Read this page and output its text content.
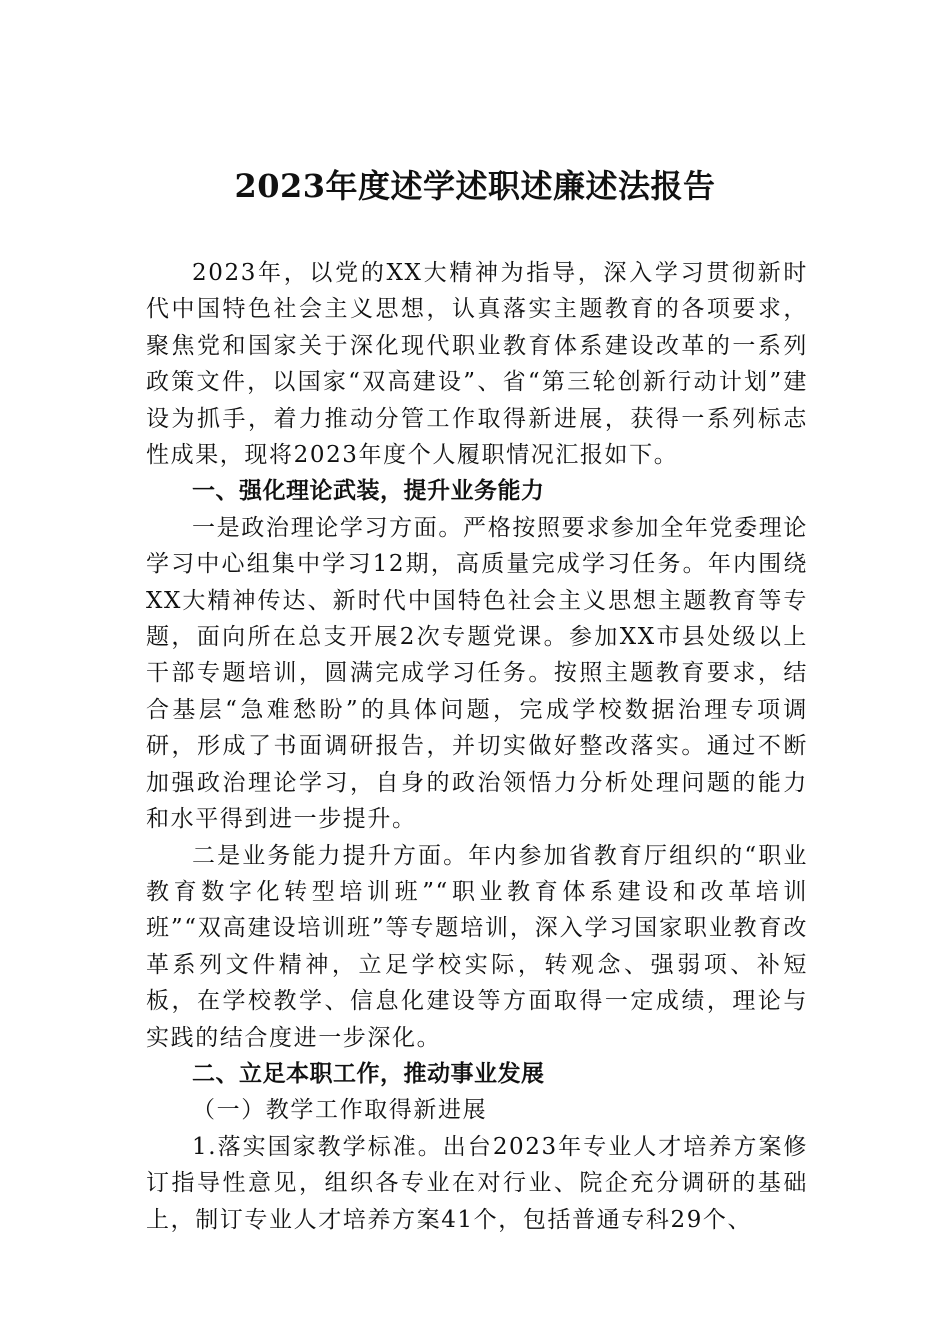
2023年度述学述职述廉述法报告

2023年，以党的XX大精神为指导，深入学习贯彻新时代中国特色社会主义思想，认真落实主题教育的各项要求，聚焦党和国家关于深化现代职业教育体系建设改革的一系列政策文件，以国家“双高建设”、省“第三轮创新行动计划”建设为抓手，着力推动分管工作取得新进展，获得一系列标志性成果，现将2023年度个人履职情况汇报如下。

一、强化理论武装，提升业务能力

一是政治理论学习方面。严格按照要求参加全年党委理论学习中心组集中学习12期，高质量完成学习任务。年内围绕XX大精神传达、新时代中国特色社会主义思想主题教育等专题，面向所在总支开展2次专题党课。参加XX市县处级以上干部专题培训，圆满完成学习任务。按照主题教育要求，结合基层“急难愁盼”的具体问题，完成学校数据治理专项调研，形成了书面调研报告，并切实做好整改落实。通过不断加强政治理论学习，自身的政治领悟力分析处理问题的能力和水平得到进一步提升。

二是业务能力提升方面。年内参加省教育厅组织的“职业教育数字化转型培训班”“职业教育体系建设和改革培训班”“双高建设培训班”等专题培训，深入学习国家职业教育改革系列文件精神，立足学校实际，转观念、强弱项、补短板，在学校教学、信息化建设等方面取得一定成绩，理论与实践的结合度进一步深化。

二、立足本职工作，推动事业发展

（一）教学工作取得新进展

1.落实国家教学标准。出台2023年专业人才培养方案修订指导性意见，组织各专业在对行业、院企充分调研的基础上，制订专业人才培养方案41个，包括普通专科29个、
